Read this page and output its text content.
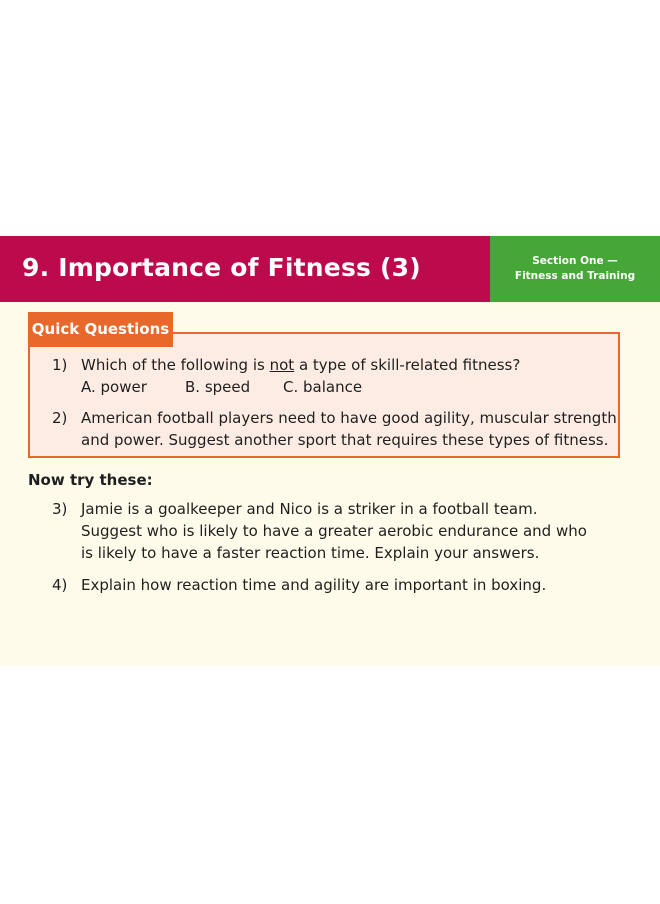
9. Importance of Fitness (3)	Section One —
Fitness and Training
Quick Questions
1) Which of the following is not a type of skill-related fitness?
A. power	B. speed C. balance
2) American football players need to have good agility, muscular strength
and power. Suggest another sport that requires these types of fitness.
Now try these:
3) Jamie is a goalkeeper and Nico is a striker in a football team.
Suggest who is likely to have a greater aerobic endurance and who
is likely to have a faster reaction time. Explain your answers.
4) Explain how reaction time and agility are important in boxing.
